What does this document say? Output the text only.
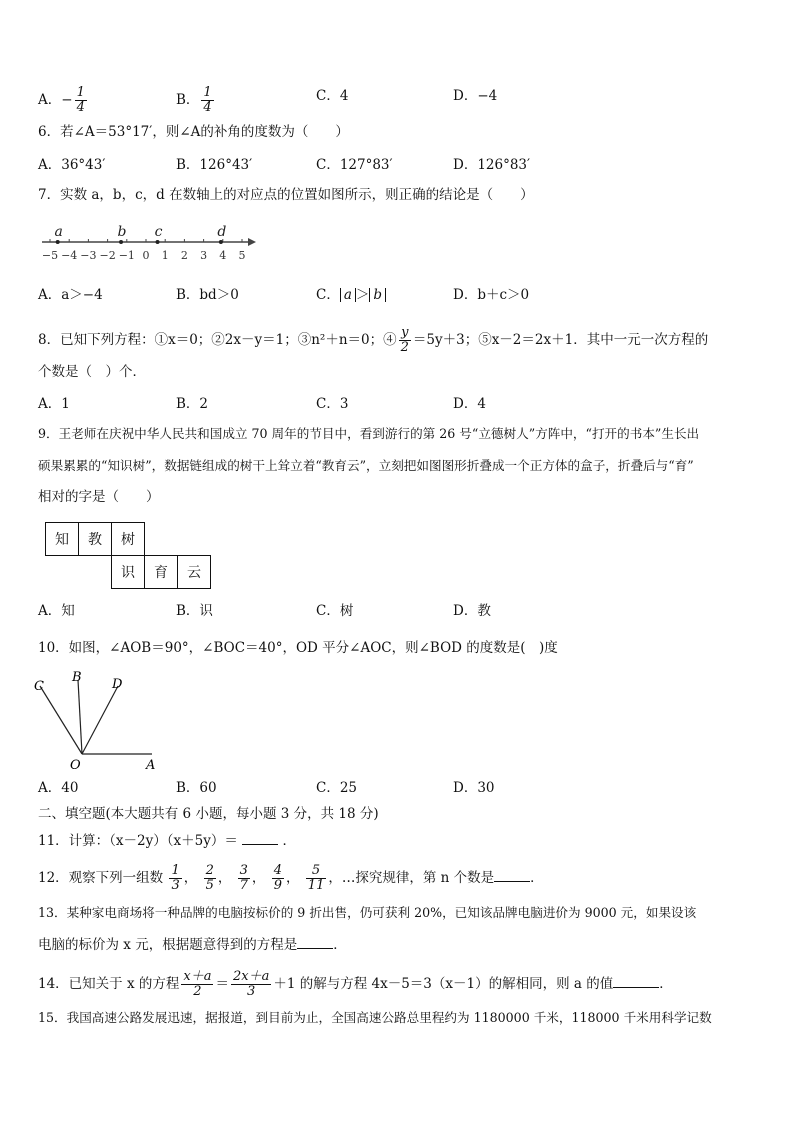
A．− $\frac{1}{4}$	B． $\frac{1}{4}$	C．4	D．−4
6．若∠A＝53°17′，则∠A的补角的度数为（　　）
A．36°43′	B．126°43′	C．127°83′	D．126°83′
7．实数 a，b，c，d 在数轴上的对应点的位置如图所示，则正确的结论是（　　）
−5 −4 −3 −2 −1 0 1 2 3 4 5
a	b c	d
A．a＞−4	B．bd＞0	C． a ＞ b	D．b＋c＞0
8．已知下列方程：①x＝0；②2x－y＝1；③n²＋n＝0；④ $\frac{y}{2} =5y+3$；⑤x－2＝2x＋1．其中一元一次方程的
个数是（　）个．
A．1	B．2	C．3	D．4
9．王老师在庆祝中华人民共和国成立 70 周年的节目中，看到游行的第 26 号“立德树人”方阵中，“打开的书本”生长出
硕果累累的“知识树”，数据链组成的树干上耸立着“教育云”，立刻把如图图形折叠成一个正方体的盒子，折叠后与“育”
相对的字是（　　）
知	教	树		
		识	育	云
A．知	B．识	C．树	D．教
10．如图，∠AOB＝90°，∠BOC＝40°，OD 平分∠AOC，则∠BOD 的度数是(　)度
C
B D
O	A
A．40	B．60	C．25	D．30
二、填空题(本大题共有 6 小题，每小题 3 分，共 18 分)
11．计算：（x－2y）（x＋5y）＝	．
12．观察下列一组数 $\frac{1}{3}$ ， $\frac{2}{5}$ ， $\frac{3}{7}$ ， $\frac{4}{9}$ ， $\frac{5}{11}$ ，…探究规律，第 n 个数是	．
13．某种家电商场将一种品牌的电脑按标价的 9 折出售，仍可获利 20%，已知该品牌电脑进价为 9000 元，如果设该
电脑的标价为 x 元，根据题意得到的方程是	．
14．已知关于 x 的方程 $\frac{x+a}{2} = \frac{2x+a}{3} +1$ 的解与方程 4x－5＝3（x－1）的解相同，则 a 的值	．
15．我国高速公路发展迅速，据报道，到目前为止，全国高速公路总里程约为 1180000 千米，118000 千米用科学记数
